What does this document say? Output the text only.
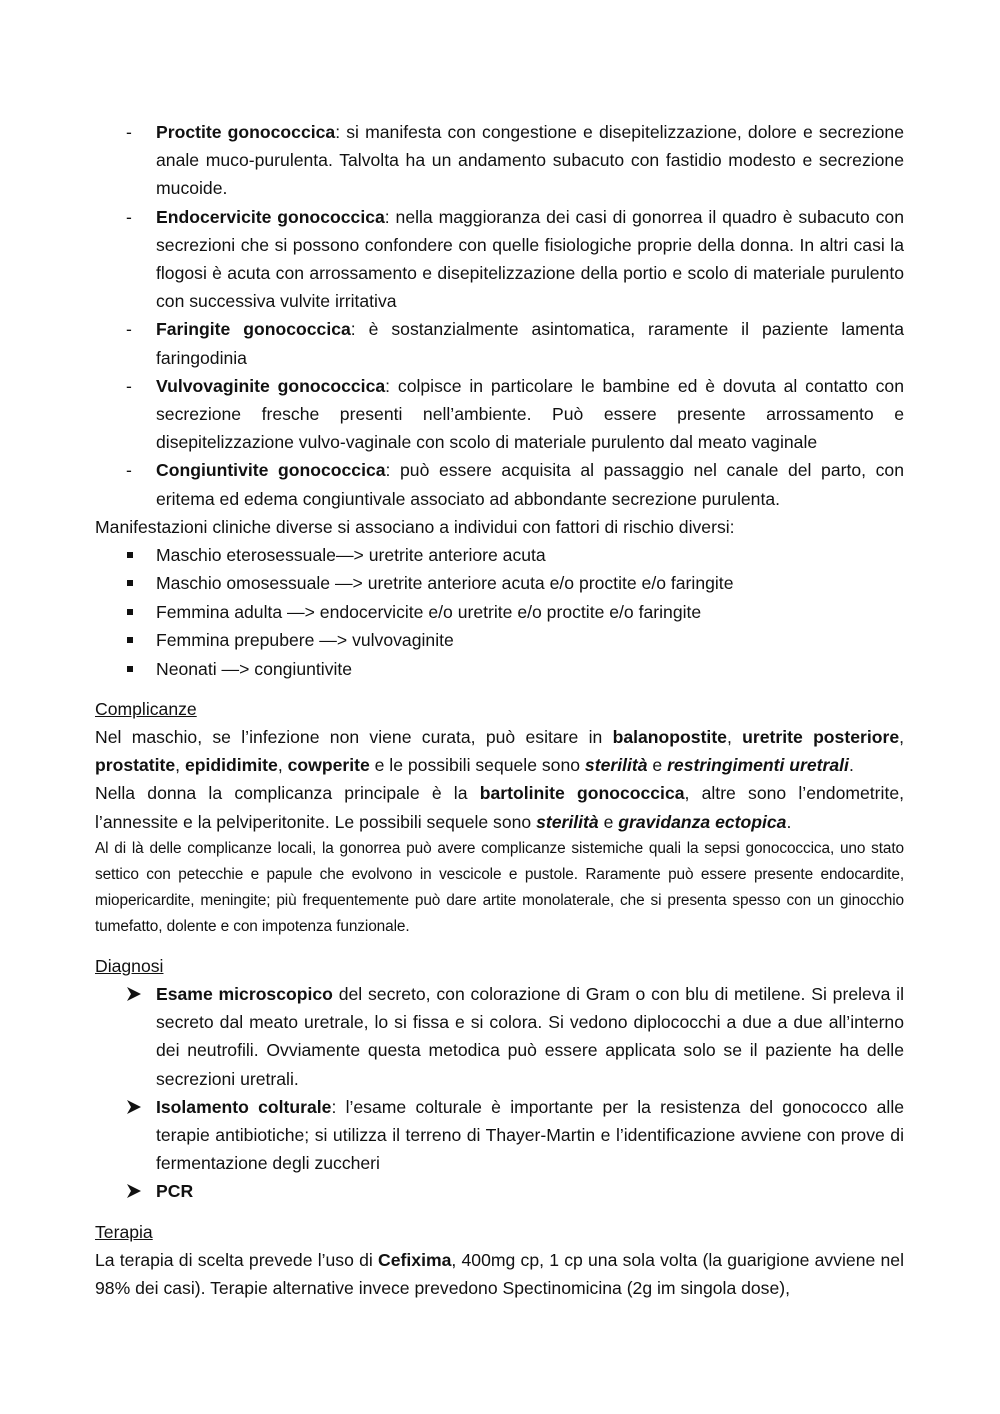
- Proctite gonococcica: si manifesta con congestione e disepitelizzazione, dolore e secrezione anale muco-purulenta. Talvolta ha un andamento subacuto con fastidio modesto e secrezione mucoide.
- Endocervicite gonococcica: nella maggioranza dei casi di gonorrea il quadro è subacuto con secrezioni che si possono confondere con quelle fisiologiche proprie della donna. In altri casi la flogosi è acuta con arrossamento e disepitelizzazione della portio e scolo di materiale purulento con successiva vulvite irritativa
- Faringite gonococcica: è sostanzialmente asintomatica, raramente il paziente lamenta faringodinia
- Vulvovaginite gonococcica: colpisce in particolare le bambine ed è dovuta al contatto con secrezione fresche presenti nell’ambiente. Può essere presente arrossamento e disepitelizzazione vulvo-vaginale con scolo di materiale purulento dal meato vaginale
- Congiuntivite gonococcica: può essere acquisita al passaggio nel canale del parto, con eritema ed edema congiuntivale associato ad abbondante secrezione purulenta.

Manifestazioni cliniche diverse si associano a individui con fattori di rischio diversi:

Maschio eterosessuale—> uretrite anteriore acuta
Maschio omosessuale —> uretrite anteriore acuta e/o proctite e/o faringite
Femmina adulta —> endocervicite e/o uretrite e/o proctite e/o faringite
Femmina prepubere —> vulvovaginite
Neonati —> congiuntivite

Complicanze

Nel maschio, se l’infezione non viene curata, può esitare in balanopostite, uretrite posteriore, prostatite, epididimite, cowperite e le possibili sequele sono sterilità e restringimenti uretrali.

Nella donna la complicanza principale è la bartolinite gonococcica, altre sono l’endometrite, l’annessite e la pelviperitonite. Le possibili sequele sono sterilità e gravidanza ectopica.

Al di là delle complicanze locali, la gonorrea può avere complicanze sistemiche quali la sepsi gonococcica, uno stato settico con petecchie e papule che evolvono in vescicole e pustole. Raramente può essere presente endocardite, miopericardite, meningite; più frequentemente può dare artite monolaterale, che si presenta spesso con un ginocchio tumefatto, dolente e con impotenza funzionale.

Diagnosi

Esame microscopico del secreto, con colorazione di Gram o con blu di metilene. Si preleva il secreto dal meato uretrale, lo si fissa e si colora. Si vedono diplococchi a due a due all’interno dei neutrofili. Ovviamente questa metodica può essere applicata solo se il paziente ha delle secrezioni uretrali.
Isolamento colturale: l’esame colturale è importante per la resistenza del gonococco alle terapie antibiotiche; si utilizza il terreno di Thayer-Martin e l’identificazione avviene con prove di fermentazione degli zuccheri
PCR

Terapia

La terapia di scelta prevede l’uso di Cefixima, 400mg cp, 1 cp una sola volta (la guarigione avviene nel 98% dei casi). Terapie alternative invece prevedono Spectinomicina (2g im singola dose),
